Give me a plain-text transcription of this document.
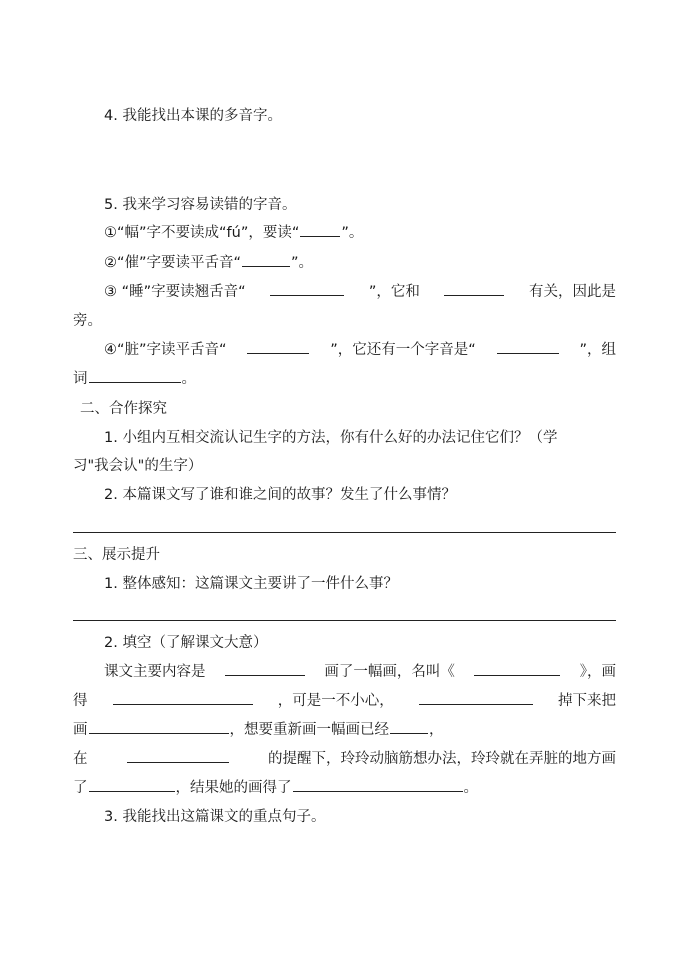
4. 我能找出本课的多音字。
5. 我来学习容易读错的字音。
①“幅”字不要读成“fú”，要读“	”。
②“催”字要读平舌音“	”。
③ “睡”字要读翘舌音“	”，它和	有关，因此是
旁。
④“脏”字读平舌音“	”，它还有一个字音是“	”，组
词	。
二、合作探究
1. 小组内互相交流认记生字的方法，你有什么好的办法记住它们？（学
习"我会认"的生字）
2. 本篇课文写了谁和谁之间的故事？发生了什么事情？
三、展示提升
1. 整体感知：这篇课文主要讲了一件什么事？
2. 填空（了解课文大意）
课文主要内容是	画了一幅画，名叫《	》，画
得	，可是一不小心，	掉下来把
画	，想要重新画一幅画已经	，
在	的提醒下，玲玲动脑筋想办法，玲玲就在弄脏的地方画
了	，结果她的画得了	。
3. 我能找出这篇课文的重点句子。
